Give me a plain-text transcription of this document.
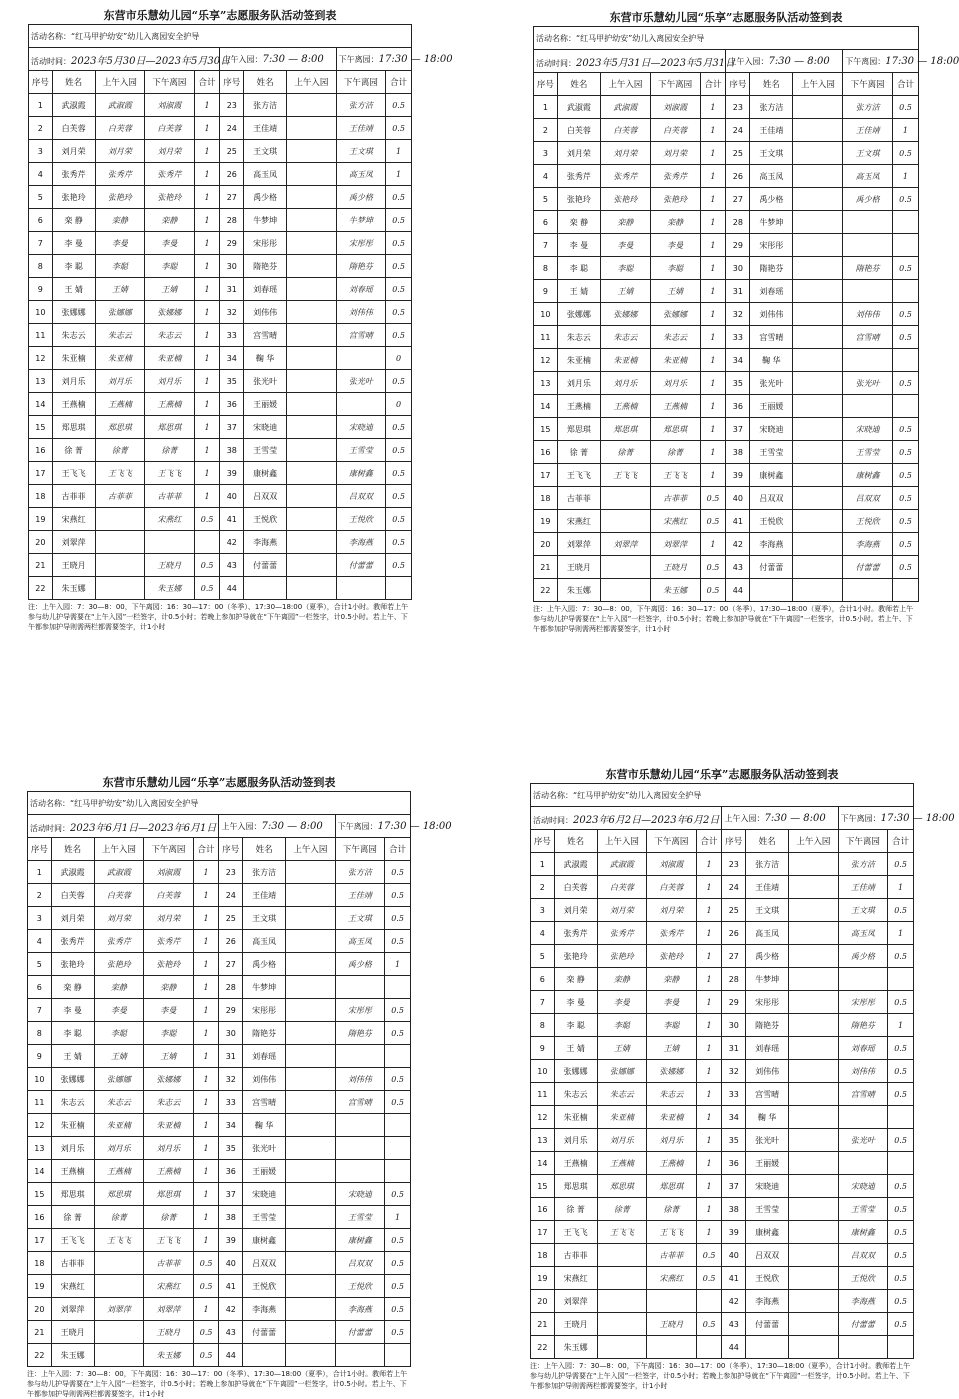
东营市乐慧幼儿园“乐享”志愿服务队活动签到表
活动名称：“红马甲护幼安”幼儿入离园安全护导									
活动时间：2023年5月30日—2023年5月30日					上午入园：7:30 — 8:00			下午离园：17:30 — 18:00	
序号	姓名	上午入园	下午离园	合计	序号	姓名	上午入园	下午离园	合计
1	武淑霞	武淑霞	刘淑霞	1	23	张方洁		张方洁	0.5
2	白芙蓉	白芙蓉	白芙蓉	1	24	王佳靖		王佳靖	0.5
3	刘月荣	刘月荣	刘月荣	1	25	王文琪		王文琪	1
4	张秀芹	张秀芹	张秀芹	1	26	高玉凤		高玉凤	1
5	张艳玲	张艳玲	张艳玲	1	27	禹少格		禹少格	0.5
6	栾 静	栾静	栾静	1	28	牛梦坤		牛梦坤	0.5
7	李 曼	李曼	李曼	1	29	宋彤彤		宋彤彤	0.5
8	李 聪	李聪	李聪	1	30	隋艳芬		隋艳芬	0.5
9	王 婧	王婧	王婧	1	31	刘春瑶		刘春瑶	0.5
10	张娜娜	张娜娜	张娜娜	1	32	刘伟伟		刘伟伟	0.5
11	朱志云	朱志云	朱志云	1	33	宫雪晴		宫雪晴	0.5
12	朱亚楠	朱亚楠	朱亚楠	1	34	鞠 华			0
13	刘月乐	刘月乐	刘月乐	1	35	张光叶		张光叶	0.5
14	王燕楠	王燕楠	王燕楠	1	36	王丽媛			0
15	郑思琪	郑思琪	郑思琪	1	37	宋晓迪		宋晓迪	0.5
16	徐 菁	徐菁	徐菁	1	38	王雪莹		王雪莹	0.5
17	王飞飞	王飞飞	王飞飞	1	39	康树鑫		康树鑫	0.5
18	古菲菲	古菲菲	古菲菲	1	40	吕双双		吕双双	0.5
19	宋燕红		宋燕红	0.5	41	王悦欣		王悦欣	0.5
20	刘翠萍				42	李海燕		李海燕	0.5
21	王晓月		王晓月	0.5	43	付蕾蕾		付蕾蕾	0.5
22	朱玉娜		朱玉娜	0.5	44				
注：上午入园：7：30—8：00，下午离园：16：30—17：00（冬季）、17:30—18:00（夏季），合计1小时。教师若上午参与幼儿护导需要在“上午入园”一栏签字，计0.5小时；若晚上参加护导就在“下午离园”一栏签字，计0.5小时。若上午、下午都参加护导则需两栏都需要签字，计1小时
东营市乐慧幼儿园“乐享”志愿服务队活动签到表
活动名称：“红马甲护幼安”幼儿入离园安全护导									
活动时间：2023年5月31日—2023年5月31日					上午入园：7:30 — 8:00			下午离园：17:30 — 18:00	
序号	姓名	上午入园	下午离园	合计	序号	姓名	上午入园	下午离园	合计
1	武淑霞	武淑霞	刘淑霞	1	23	张方洁		张方洁	0.5
2	白芙蓉	白芙蓉	白芙蓉	1	24	王佳靖		王佳靖	1
3	刘月荣	刘月荣	刘月荣	1	25	王文琪		王文琪	0.5
4	张秀芹	张秀芹	张秀芹	1	26	高玉凤		高玉凤	1
5	张艳玲	张艳玲	张艳玲	1	27	禹少格		禹少格	0.5
6	栾 静	栾静	栾静	1	28	牛梦坤			
7	李 曼	李曼	李曼	1	29	宋彤彤			
8	李 聪	李聪	李聪	1	30	隋艳芬		隋艳芬	0.5
9	王 婧	王婧	王婧	1	31	刘春瑶			
10	张娜娜	张娜娜	张娜娜	1	32	刘伟伟		刘伟伟	0.5
11	朱志云	朱志云	朱志云	1	33	宫雪晴		宫雪晴	0.5
12	朱亚楠	朱亚楠	朱亚楠	1	34	鞠 华			
13	刘月乐	刘月乐	刘月乐	1	35	张光叶		张光叶	0.5
14	王燕楠	王燕楠	王燕楠	1	36	王丽媛			
15	郑思琪	郑思琪	郑思琪	1	37	宋晓迪		宋晓迪	0.5
16	徐 菁	徐菁	徐菁	1	38	王雪莹		王雪莹	0.5
17	王飞飞	王飞飞	王飞飞	1	39	康树鑫		康树鑫	0.5
18	古菲菲		古菲菲	0.5	40	吕双双		吕双双	0.5
19	宋燕红		宋燕红	0.5	41	王悦欣		王悦欣	0.5
20	刘翠萍	刘翠萍	刘翠萍	1	42	李海燕		李海燕	0.5
21	王晓月		王晓月	0.5	43	付蕾蕾		付蕾蕾	0.5
22	朱玉娜		朱玉娜	0.5	44				
注：上午入园：7：30—8：00，下午离园：16：30—17：00（冬季）、17:30—18:00（夏季），合计1小时。教师若上午参与幼儿护导需要在“上午入园”一栏签字，计0.5小时；若晚上参加护导就在“下午离园”一栏签字，计0.5小时。若上午、下午都参加护导则需两栏都需要签字，计1小时
东营市乐慧幼儿园“乐享”志愿服务队活动签到表
活动名称：“红马甲护幼安”幼儿入离园安全护导									
活动时间：2023年6月1日—2023年6月1日					上午入园：7:30 — 8:00			下午离园：17:30 — 18:00	
序号	姓名	上午入园	下午离园	合计	序号	姓名	上午入园	下午离园	合计
1	武淑霞	武淑霞	刘淑霞	1	23	张方洁		张方洁	0.5
2	白芙蓉	白芙蓉	白芙蓉	1	24	王佳靖		王佳靖	0.5
3	刘月荣	刘月荣	刘月荣	1	25	王文琪		王文琪	0.5
4	张秀芹	张秀芹	张秀芹	1	26	高玉凤		高玉凤	0.5
5	张艳玲	张艳玲	张艳玲	1	27	禹少格		禹少格	1
6	栾 静	栾静	栾静	1	28	牛梦坤			
7	李 曼	李曼	李曼	1	29	宋彤彤		宋彤彤	0.5
8	李 聪	李聪	李聪	1	30	隋艳芬		隋艳芬	0.5
9	王 婧	王婧	王婧	1	31	刘春瑶			
10	张娜娜	张娜娜	张娜娜	1	32	刘伟伟		刘伟伟	0.5
11	朱志云	朱志云	朱志云	1	33	宫雪晴		宫雪晴	0.5
12	朱亚楠	朱亚楠	朱亚楠	1	34	鞠 华			
13	刘月乐	刘月乐	刘月乐	1	35	张光叶			
14	王燕楠	王燕楠	王燕楠	1	36	王丽媛			
15	郑思琪	郑思琪	郑思琪	1	37	宋晓迪		宋晓迪	0.5
16	徐 菁	徐菁	徐菁	1	38	王雪莹		王雪莹	1
17	王飞飞	王飞飞	王飞飞	1	39	康树鑫		康树鑫	0.5
18	古菲菲		古菲菲	0.5	40	吕双双		吕双双	0.5
19	宋燕红		宋燕红	0.5	41	王悦欣		王悦欣	0.5
20	刘翠萍	刘翠萍	刘翠萍	1	42	李海燕		李海燕	0.5
21	王晓月		王晓月	0.5	43	付蕾蕾		付蕾蕾	0.5
22	朱玉娜		朱玉娜	0.5	44				
注：上午入园：7：30—8：00，下午离园：16：30—17：00（冬季）、17:30—18:00（夏季），合计1小时。教师若上午参与幼儿护导需要在“上午入园”一栏签字，计0.5小时；若晚上参加护导就在“下午离园”一栏签字，计0.5小时。若上午、下午都参加护导则需两栏都需要签字，计1小时
东营市乐慧幼儿园“乐享”志愿服务队活动签到表
活动名称：“红马甲护幼安”幼儿入离园安全护导									
活动时间：2023年6月2日—2023年6月2日					上午入园：7:30 — 8:00			下午离园：17:30 — 18:00	
序号	姓名	上午入园	下午离园	合计	序号	姓名	上午入园	下午离园	合计
1	武淑霞	武淑霞	刘淑霞	1	23	张方洁		张方洁	0.5
2	白芙蓉	白芙蓉	白芙蓉	1	24	王佳靖		王佳靖	1
3	刘月荣	刘月荣	刘月荣	1	25	王文琪		王文琪	0.5
4	张秀芹	张秀芹	张秀芹	1	26	高玉凤		高玉凤	1
5	张艳玲	张艳玲	张艳玲	1	27	禹少格		禹少格	0.5
6	栾 静	栾静	栾静	1	28	牛梦坤			
7	李 曼	李曼	李曼	1	29	宋彤彤		宋彤彤	0.5
8	李 聪	李聪	李聪	1	30	隋艳芬		隋艳芬	1
9	王 婧	王婧	王婧	1	31	刘春瑶		刘春瑶	0.5
10	张娜娜	张娜娜	张娜娜	1	32	刘伟伟		刘伟伟	0.5
11	朱志云	朱志云	朱志云	1	33	宫雪晴		宫雪晴	0.5
12	朱亚楠	朱亚楠	朱亚楠	1	34	鞠 华			
13	刘月乐	刘月乐	刘月乐	1	35	张光叶		张光叶	0.5
14	王燕楠	王燕楠	王燕楠	1	36	王丽媛			
15	郑思琪	郑思琪	郑思琪	1	37	宋晓迪		宋晓迪	0.5
16	徐 菁	徐菁	徐菁	1	38	王雪莹		王雪莹	0.5
17	王飞飞	王飞飞	王飞飞	1	39	康树鑫		康树鑫	0.5
18	古菲菲		古菲菲	0.5	40	吕双双		吕双双	0.5
19	宋燕红		宋燕红	0.5	41	王悦欣		王悦欣	0.5
20	刘翠萍				42	李海燕		李海燕	0.5
21	王晓月		王晓月	0.5	43	付蕾蕾		付蕾蕾	0.5
22	朱玉娜				44				
注：上午入园：7：30—8：00，下午离园：16：30—17：00（冬季）、17:30—18:00（夏季），合计1小时。教师若上午参与幼儿护导需要在“上午入园”一栏签字，计0.5小时；若晚上参加护导就在“下午离园”一栏签字，计0.5小时。若上午、下午都参加护导则需两栏都需要签字，计1小时
